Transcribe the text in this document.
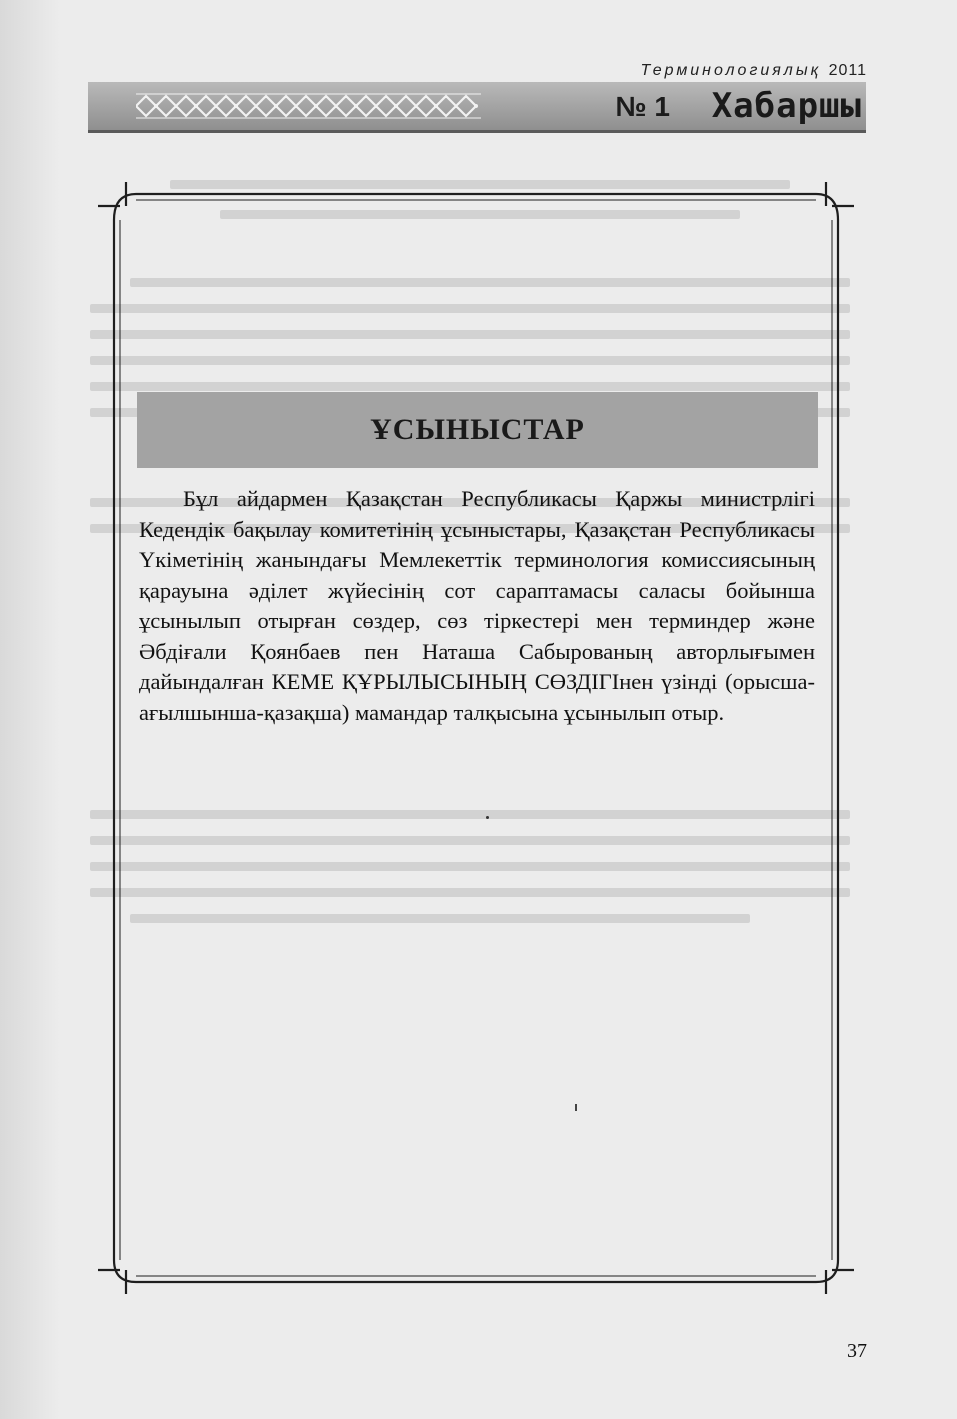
Терминологиялық 2011
№ 1 Хабаршы
ҰСЫНЫСТАР
Бұл айдармен Қазақстан Республикасы Қаржы министрлігі Кедендік бақылау комитетінің ұсыныстары, Қазақстан Республикасы Үкіметінің жанындағы Мемлекеттік терминология комиссиясының қарауына әділет жүйесінің сот сараптамасы саласы бойынша ұсынылып отырған сөздер, сөз тіркестері мен терминдер және Әбдіғали Қоянбаев пен Наташа Сабырованың авторлығымен дайындалған КЕМЕ ҚҰРЫЛЫСЫНЫҢ СӨЗДІГІнен үзінді (орысша-ағылшынша-қазақша) мамандар талқысына ұсынылып отыр.
37
